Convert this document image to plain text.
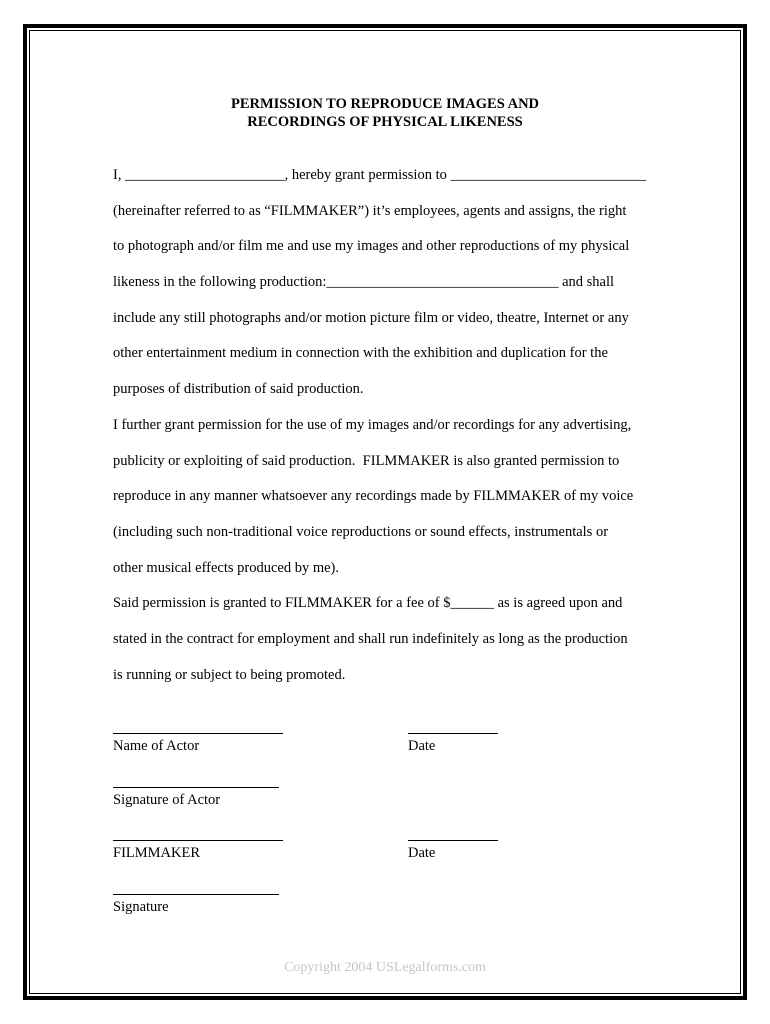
PERMISSION TO REPRODUCE IMAGES AND
RECORDINGS OF PHYSICAL LIKENESS
I, ______________________, hereby grant permission to ___________________________
(hereinafter referred to as “FILMMAKER”) it’s employees, agents and assigns, the right
to photograph and/or film me and use my images and other reproductions of my physical
likeness in the following production:________________________________ and shall
include any still photographs and/or motion picture film or video, theatre, Internet or any
other entertainment medium in connection with the exhibition and duplication for the
purposes of distribution of said production.
I further grant permission for the use of my images and/or recordings for any advertising,
publicity or exploiting of said production.  FILMMAKER is also granted permission to
reproduce in any manner whatsoever any recordings made by FILMMAKER of my voice
(including such non-traditional voice reproductions or sound effects, instrumentals or
other musical effects produced by me).
Said permission is granted to FILMMAKER for a fee of $______ as is agreed upon and
stated in the contract for employment and shall run indefinitely as long as the production
is running or subject to being promoted.
Name of Actor	Date
Signature of Actor
FILMMAKER	Date
Signature
Copyright 2004 USLegalforms.com
